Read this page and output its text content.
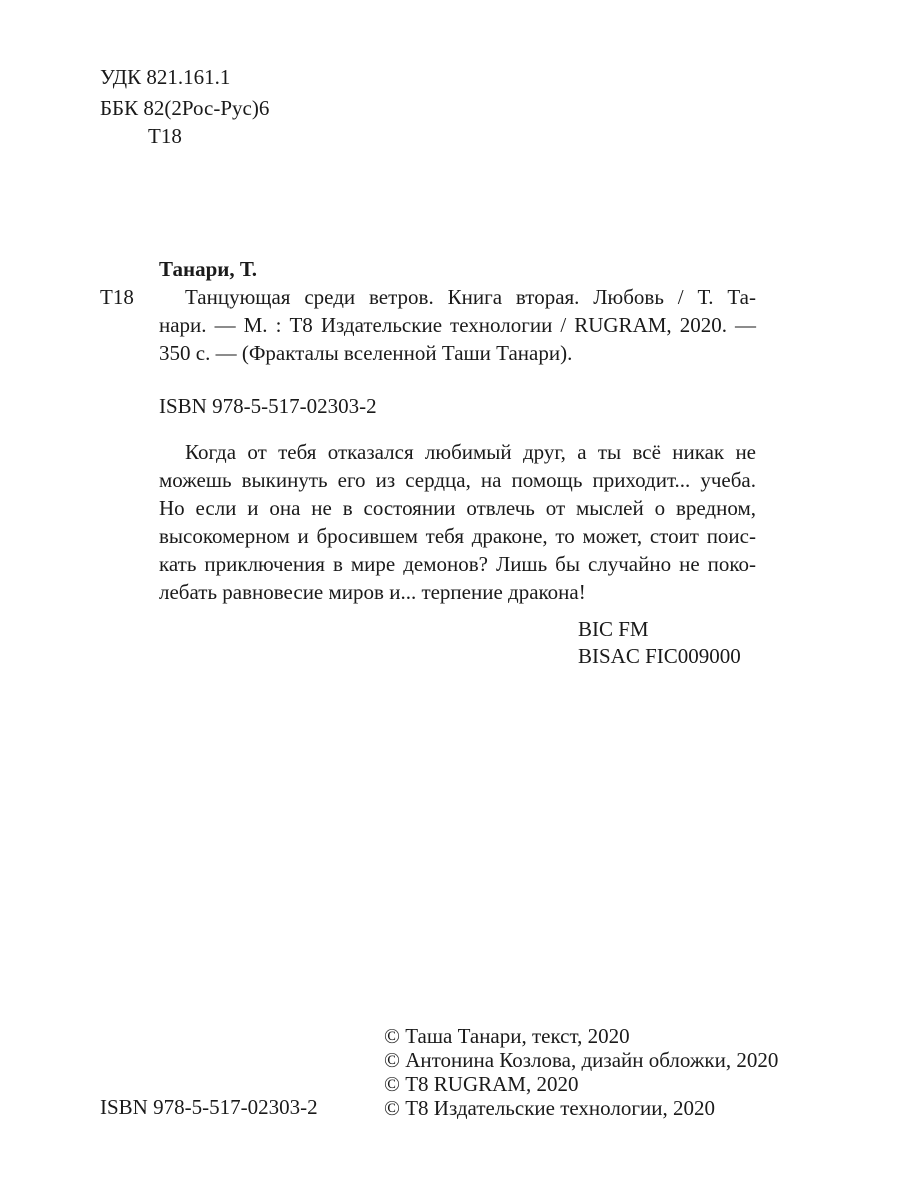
УДК 821.161.1
ББК 82(2Рос-Рус)6
Т18
Танари, Т.
Т18 Танцующая среди ветров. Книга вторая. Любовь / Т. Та-
нари. — М. : Т8 Издательские технологии / RUGRAM, 2020. —
350 с. — (Фракталы вселенной Таши Танари).
ISBN 978-5-517-02303-2
Когда от тебя отказался любимый друг, а ты всё никак не
можешь выкинуть его из сердца, на помощь приходит... учеба.
Но если и она не в состоянии отвлечь от мыслей о вредном,
высокомерном и бросившем тебя драконе, то может, стоит поис-
кать приключения в мире демонов? Лишь бы случайно не поко-
лебать равновесие миров и... терпение дракона!
BIC FM
BISAC FIC009000
ISBN 978-5-517-02303-2
© Таша Танари, текст, 2020
© Антонина Козлова, дизайн обложки, 2020
© Т8 RUGRAM, 2020
© Т8 Издательские технологии, 2020
